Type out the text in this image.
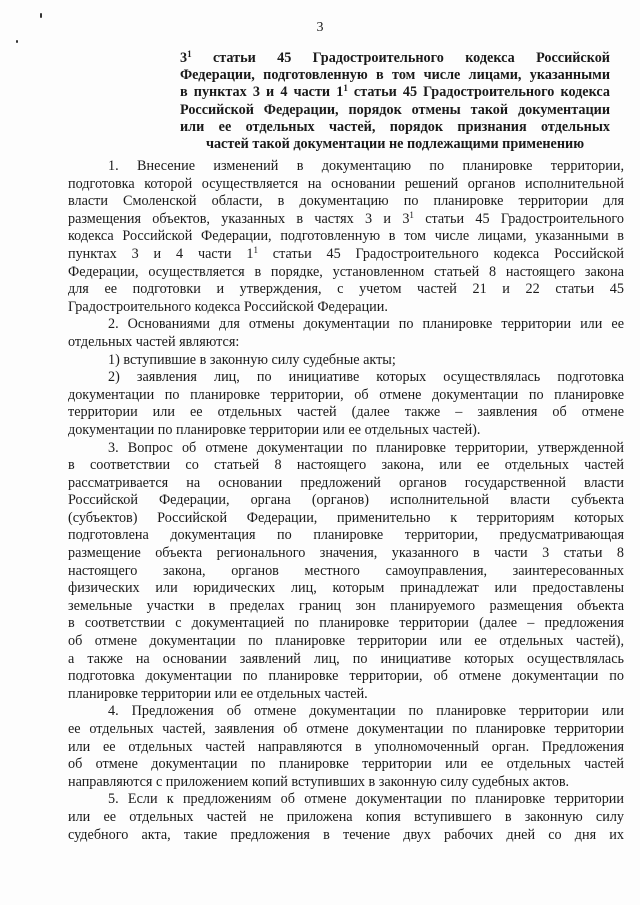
3
$3^1$ статьи 45 Градостроительного кодекса Российской
Федерации, подготовленную в том числе лицами, указанными
в пунктах 3 и 4 части $1^1$ статьи 45 Градостроительного кодекса
Российской Федерации, порядок отмены такой документации
или ее отдельных частей, порядок признания отдельных
частей такой документации не подлежащими применению
1. Внесение изменений в документацию по планировке территории,
подготовка которой осуществляется на основании решений органов исполнительной
власти Смоленской области, в документацию по планировке территории для
размещения объектов, указанных в частях 3 и $3^1$ статьи 45 Градостроительного
кодекса Российской Федерации, подготовленную в том числе лицами, указанными в
пунктах 3 и 4 части $1^1$ статьи 45 Градостроительного кодекса Российской
Федерации, осуществляется в порядке, установленном статьей 8 настоящего закона
для ее подготовки и утверждения, с учетом частей 21 и 22 статьи 45
Градостроительного кодекса Российской Федерации.
2. Основаниями для отмены документации по планировке территории или ее
отдельных частей являются:
1) вступившие в законную силу судебные акты;
2) заявления лиц, по инициативе которых осуществлялась подготовка
документации по планировке территории, об отмене документации по планировке
территории или ее отдельных частей (далее также – заявления об отмене
документации по планировке территории или ее отдельных частей).
3. Вопрос об отмене документации по планировке территории, утвержденной
в соответствии со статьей 8 настоящего закона, или ее отдельных частей
рассматривается на основании предложений органов государственной власти
Российской Федерации, органа (органов) исполнительной власти субъекта
(субъектов) Российской Федерации, применительно к территориям которых
подготовлена документация по планировке территории, предусматривающая
размещение объекта регионального значения, указанного в части 3 статьи 8
настоящего закона, органов местного самоуправления, заинтересованных
физических или юридических лиц, которым принадлежат или предоставлены
земельные участки в пределах границ зон планируемого размещения объекта
в соответствии с документацией по планировке территории (далее – предложения
об отмене документации по планировке территории или ее отдельных частей),
а также на основании заявлений лиц, по инициативе которых осуществлялась
подготовка документации по планировке территории, об отмене документации по
планировке территории или ее отдельных частей.
4. Предложения об отмене документации по планировке территории или
ее отдельных частей, заявления об отмене документации по планировке территории
или ее отдельных частей направляются в уполномоченный орган. Предложения
об отмене документации по планировке территории или ее отдельных частей
направляются с приложением копий вступивших в законную силу судебных актов.
5. Если к предложениям об отмене документации по планировке территории
или ее отдельных частей не приложена копия вступившего в законную силу
судебного акта, такие предложения в течение двух рабочих дней со дня их
